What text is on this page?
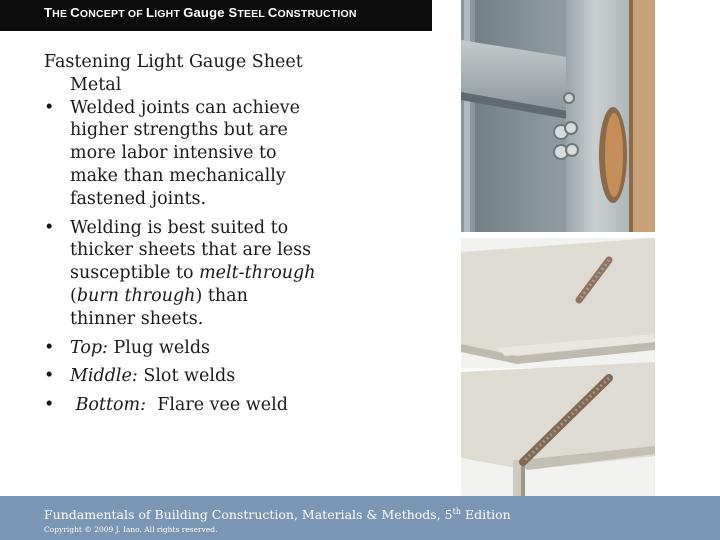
THE CONCEPT OF LIGHT Gauge STEEL CONSTRUCTION
Fastening Light Gauge Sheet
Metal
• Welded joints can achieve
higher strengths but are
more labor intensive to
make than mechanically
fastened joints.
• Welding is best suited to
thicker sheets that are less
susceptible to melt-through
(burn through) than
thinner sheets.
• Top: Plug welds
• Middle: Slot welds
• Bottom:  Flare vee weld
Fundamentals of Building Construction, Materials & Methods, 5th Edition
Copyright © 2009 J. Iano. All rights reserved.
